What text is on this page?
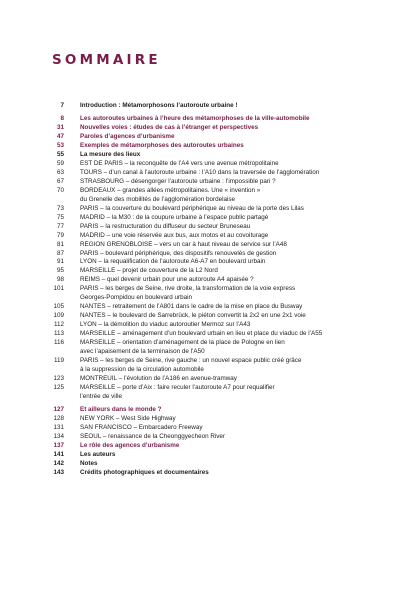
SOMMAIRE
7	Introduction : Métamorphosons l’autoroute urbaine !
8	Les autoroutes urbaines à l’heure des métamorphoses de la ville-automobile
31	Nouvelles voies : études de cas à l’étranger et perspectives
47	Paroles d’agences d’urbanisme
53	Exemples de métamorphoses des autoroutes urbaines
55	La mesure des lieux
59	EST DE PARIS – la reconquête de l’A4 vers une avenue métropolitaine
63	TOURS – d’un canal à l’autoroute urbaine : l’A10 dans la traversée de l’agglomération
67	STRASBOURG – désengorger l’autoroute urbaine : l’impossible pari ?
70	BORDEAUX – grandes allées métropolitaines. Une « invention »
du Grenelle des mobilités de l’agglomération bordelaise
73	PARIS – la couverture du boulevard périphérique au niveau de la porte des Lilas
75	MADRID – la M30 : de la coupure urbaine à l’espace public partagé
77	PARIS – la restructuration du diffuseur du secteur Bruneseau
79	MADRID – une voie réservée aux bus, aux motos et au covoiturage
81	RÉGION GRENOBLOISE – vers un car à haut niveau de service sur l’A48
87	PARIS – boulevard périphérique, des dispositifs renouvelés de gestion
91	LYON – la requalification de l’autoroute A6-A7 en boulevard urbain
95	MARSEILLE – projet de couverture de la L2 Nord
98	REIMS – quel devenir urbain pour une autoroute A4 apaisée ?
101	PARIS – les berges de Seine, rive droite, la transformation de la voie express
Georges-Pompidou en boulevard urbain
105	NANTES – retraitement de l’A801 dans le cadre de la mise en place du Busway
109	NANTES – le boulevard de Sarrebrück, le piéton convertit la 2x2 en une 2x1 voie
112	LYON – la démolition du viaduc autoroutier Mermoz sur l’A43
113	MARSEILLE – aménagement d’un boulevard urbain en lieu et place du viaduc de l’A55
116	MARSEILLE – orientation d’aménagement de la place de Pologne en lien
avec l’apaisement de la terminaison de l’A50
119	PARIS – les berges de Seine, rive gauche : un nouvel espace public créé grâce
à la suppression de la circulation automobile
123	MONTREUIL – l’évolution de l’A186 en avenue-tramway
125	MARSEILLE – porte d’Aix : faire reculer l’autoroute A7 pour requalifier
l’entrée de ville
127	Et ailleurs dans le monde ?
128	NEW YORK – West Side Highway
131	SAN FRANCISCO – Embarcadero Freeway
134	SÉOUL – renaissance de la Cheonggyecheon River
137	Le rôle des agences d’urbanisme
141	Les auteurs
142	Notes
143	Crédits photographiques et documentaires
